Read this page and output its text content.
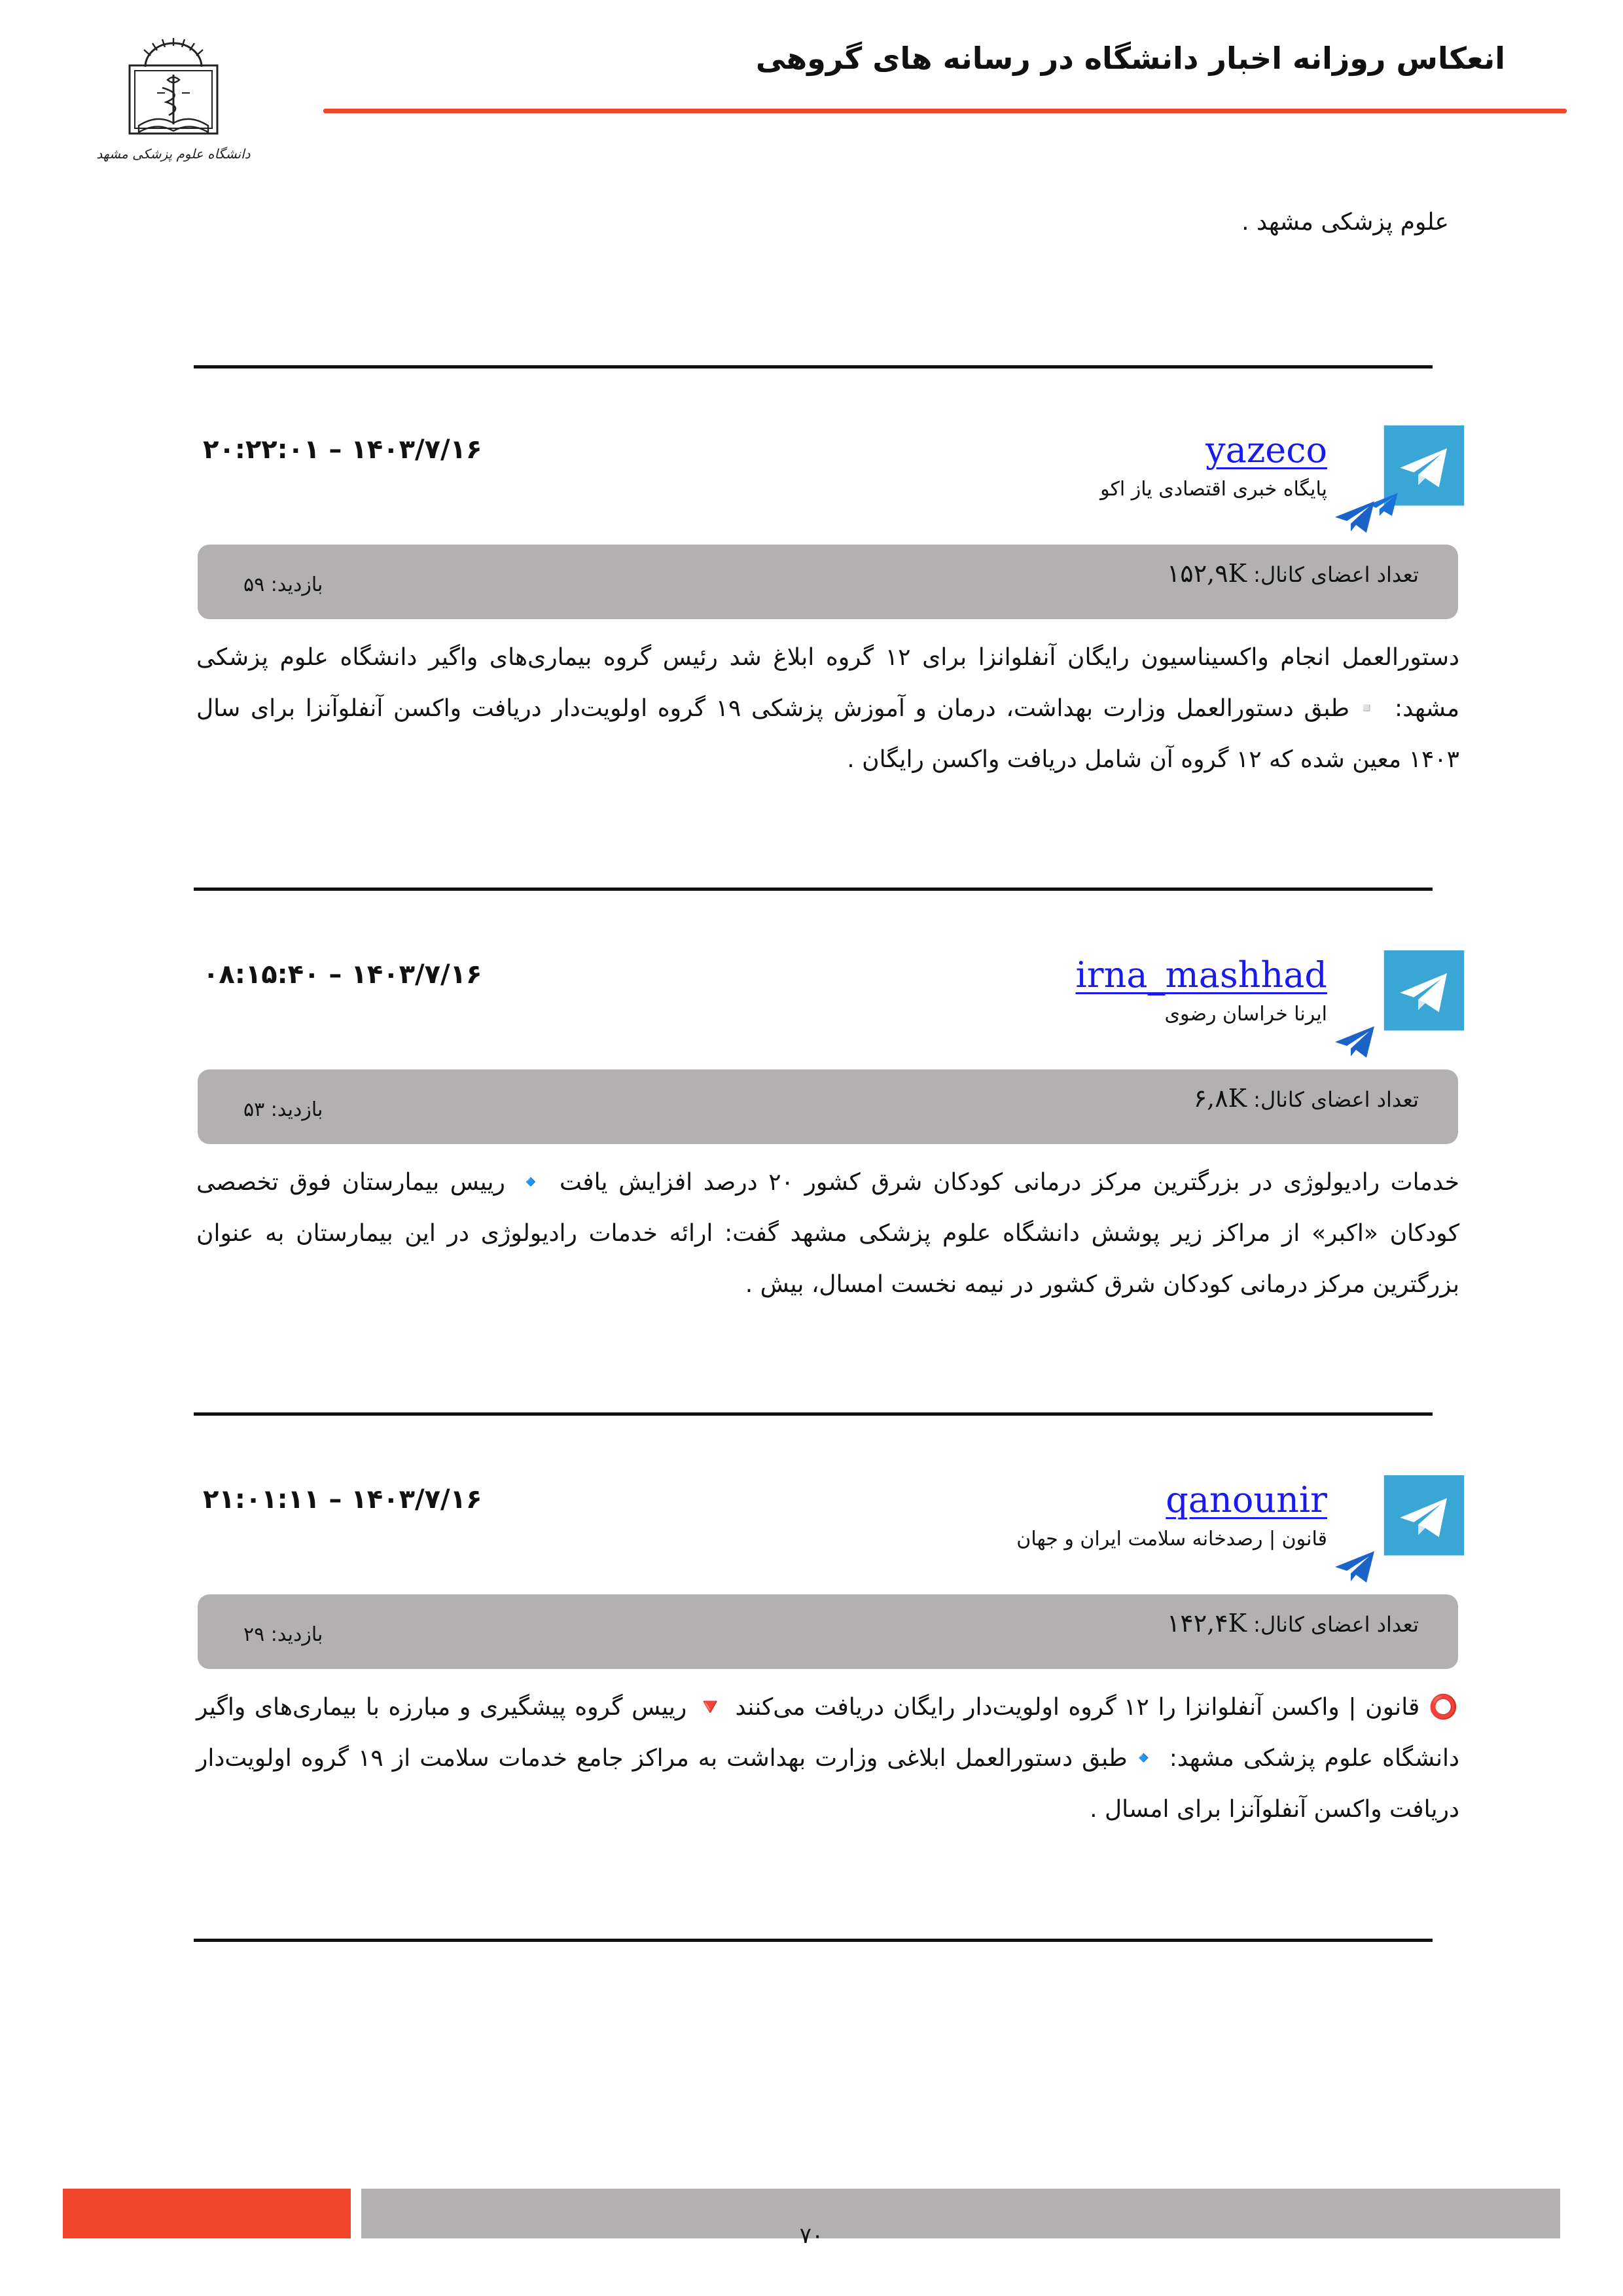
انعکاس روزانه اخبار دانشگاه در رسانه های گروهی
دانشگاه علوم پزشکی مشهد
علوم پزشکی مشهد .
yazeco
پایگاه خبری اقتصادی یاز اکو
۲۰:۲۲:۰۱ – ۱۴۰۳/۷/۱۶
تعداد اعضای کانال: ۱۵۲,۹K
بازدید: ۵۹
دستورالعمل انجام واکسیناسیون رایگان آنفلوانزا برای ۱۲ گروه ابلاغ شد رئیس گروه بیماری‌های واگیر دانشگاه علوم پزشکی مشهد: ▫️طبق دستورالعمل وزارت بهداشت، درمان و آموزش پزشکی ۱۹ گروه اولویت‌دار دریافت واکسن آنفلوآنزا برای سال ۱۴۰۳ معین شده که ۱۲ گروه آن شامل دریافت واکسن رایگان .
irna_mashhad
ایرنا خراسان رضوی
۰۸:۱۵:۴۰ – ۱۴۰۳/۷/۱۶
تعداد اعضای کانال: ۶,۸K
بازدید: ۵۳
خدمات رادیولوژی در بزرگترین مرکز درمانی کودکان شرق کشور ۲۰ درصد افزایش یافت 🔹 رییس بیمارستان فوق تخصصی کودکان «اکبر» از مراکز زیر پوشش دانشگاه علوم پزشکی مشهد گفت: ارائه خدمات رادیولوژی در این بیمارستان به عنوان بزرگترین مرکز درمانی کودکان شرق کشور در نیمه نخست امسال، بیش .
qanounir
قانون | رصدخانه سلامت ایران و جهان
۲۱:۰۱:۱۱ – ۱۴۰۳/۷/۱۶
تعداد اعضای کانال: ۱۴۲,۴K
بازدید: ۲۹
⭕️ قانون | واکسن آنفلوانزا را ۱۲ گروه اولویت‌دار رایگان دریافت می‌کنند 🔻 رییس گروه پیشگیری و مبارزه با بیماری‌های واگیر دانشگاه علوم پزشکی مشهد: 🔹طبق دستورالعمل ابلاغی وزارت بهداشت به مراکز جامع خدمات سلامت از ۱۹ گروه اولویت‌دار دریافت واکسن آنفلوآنزا برای امسال .
۷۰
